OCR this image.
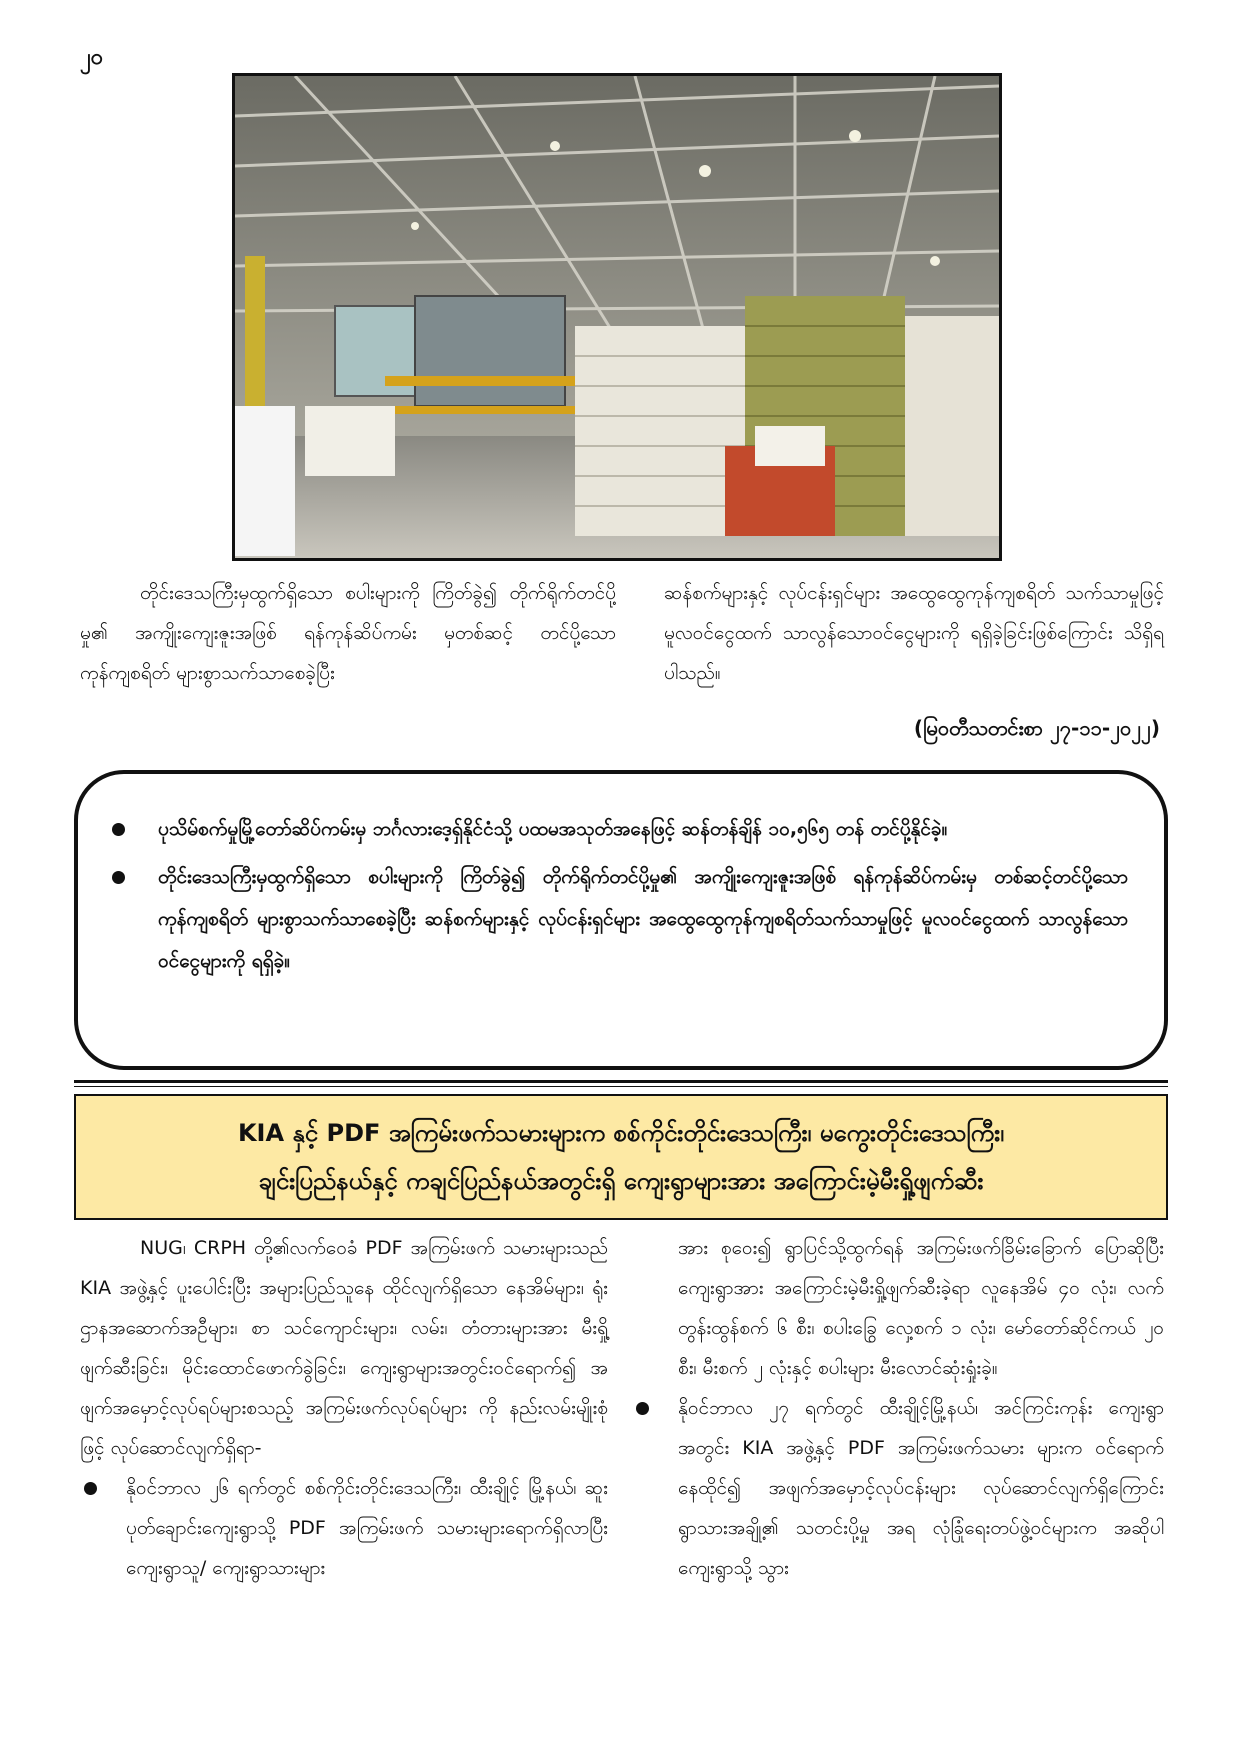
၂၀

တိုင်းဒေသကြီးမှထွက်ရှိသော စပါးများကို ကြိတ်ခွဲ၍ တိုက်ရိုက်တင်ပို့မှု၏ အကျိုးကျေးဇူးအဖြစ် ရန်ကုန်ဆိပ်ကမ်း မှတစ်ဆင့် တင်ပို့သောကုန်ကျစရိတ် များစွာသက်သာစေခဲ့ပြီး

ဆန်စက်များနှင့် လုပ်ငန်းရှင်များ အထွေထွေကုန်ကျစရိတ် သက်သာမှုဖြင့် မူလဝင်ငွေထက် သာလွန်သောဝင်ငွေများကို ရရှိခဲ့ခြင်းဖြစ်ကြောင်း သိရှိရပါသည်။

(မြဝတီသတင်းစာ ၂၇-၁၁-၂၀၂၂)
ပုသိမ်စက်မှုမြို့တော်ဆိပ်ကမ်းမှ ဘင်္ဂလားဒေ့ရှ်နိုင်ငံသို့ ပထမအသုတ်အနေဖြင့် ဆန်တန်ချိန် ၁၀,၅၆၅ တန် တင်ပို့နိုင်ခဲ့။
တိုင်းဒေသကြီးမှထွက်ရှိသော စပါးများကို ကြိတ်ခွဲ၍ တိုက်ရိုက်တင်ပို့မှု၏ အကျိုးကျေးဇူးအဖြစ် ရန်ကုန်ဆိပ်ကမ်းမှ တစ်ဆင့်တင်ပို့သောကုန်ကျစရိတ် များစွာသက်သာစေခဲ့ပြီး ဆန်စက်များနှင့် လုပ်ငန်းရှင်များ အထွေထွေကုန်ကျစရိတ်သက်သာမှုဖြင့် မူလဝင်ငွေထက် သာလွန်သောဝင်ငွေများကို ရရှိခဲ့။
KIA နှင့် PDF အကြမ်းဖက်သမားများက စစ်ကိုင်းတိုင်းဒေသကြီး၊ မကွေးတိုင်းဒေသကြီး၊
ချင်းပြည်နယ်နှင့် ကချင်ပြည်နယ်အတွင်းရှိ ကျေးရွာများအား အကြောင်းမဲ့မီးရှို့ဖျက်ဆီး

NUG၊ CRPH တို့၏လက်ဝေခံ PDF အကြမ်းဖက် သမားများသည် KIA အဖွဲ့နှင့် ပူးပေါင်းပြီး အများပြည်သူနေ ထိုင်လျက်ရှိသော နေအိမ်များ၊ ရုံးဌာနအဆောက်အဦများ၊ စာ သင်ကျောင်းများ၊ လမ်း၊ တံတားများအား မီးရှို့ဖျက်ဆီးခြင်း၊ မိုင်းထောင်ဖောက်ခွဲခြင်း၊ ကျေးရွာများအတွင်းဝင်ရောက်၍ အဖျက်အမှောင့်လုပ်ရပ်များစသည့် အကြမ်းဖက်လုပ်ရပ်များ ကို နည်းလမ်းမျိုးစုံဖြင့် လုပ်ဆောင်လျက်ရှိရာ-

နိုဝင်ဘာလ ၂၆ ရက်တွင် စစ်ကိုင်းတိုင်းဒေသကြီး၊ ထီးချိုင့် မြို့နယ်၊ ဆူးပုတ်ချောင်းကျေးရွာသို့ PDF အကြမ်းဖက် သမားများရောက်ရှိလာပြီး ကျေးရွာသူ/ ကျေးရွာသားများ

အား စုဝေး၍ ရွာပြင်သို့ထွက်ရန် အကြမ်းဖက်ခြိမ်းခြောက် ပြောဆိုပြီး ကျေးရွာအား အကြောင်းမဲ့မီးရှို့ဖျက်ဆီးခဲ့ရာ လူနေအိမ် ၄၀ လုံး၊ လက်တွန်းထွန်စက် ၆ စီး၊ စပါးခြွေ လှေ့စက် ၁ လုံး၊ မော်တော်ဆိုင်ကယ် ၂၀ စီး၊ မီးစက် ၂ လုံးနှင့် စပါးများ မီးလောင်ဆုံးရှုံးခဲ့။

နိုဝင်ဘာလ ၂၇ ရက်တွင် ထီးချိုင့်မြို့နယ်၊ အင်ကြင်းကုန်း ကျေးရွာအတွင်း KIA အဖွဲ့နှင့် PDF အကြမ်းဖက်သမား များက ဝင်ရောက်နေထိုင်၍ အဖျက်အမှောင့်လုပ်ငန်းများ လုပ်ဆောင်လျက်ရှိကြောင်း ရွာသားအချို့၏ သတင်းပို့မှု အရ လုံခြုံရေးတပ်ဖွဲ့ဝင်များက အဆိုပါကျေးရွာသို့ သွား
